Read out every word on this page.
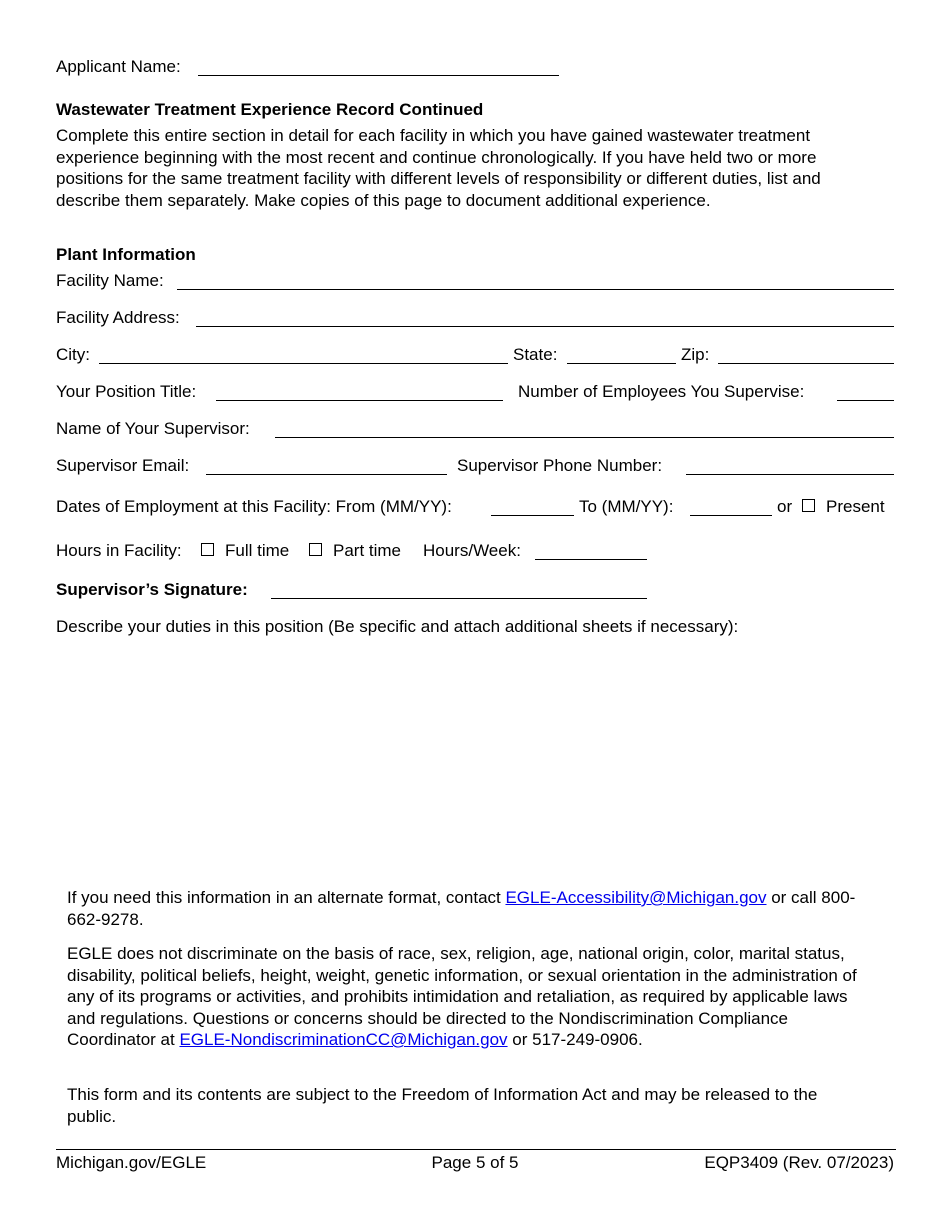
Applicant Name:
Wastewater Treatment Experience Record Continued
Complete this entire section in detail for each facility in which you have gained wastewater treatment experience beginning with the most recent and continue chronologically. If you have held two or more positions for the same treatment facility with different levels of responsibility or different duties, list and describe them separately. Make copies of this page to document additional experience.
Plant Information
Facility Name:
Facility Address:
City:	State:	Zip:
Your Position Title:	Number of Employees You Supervise:
Name of Your Supervisor:
Supervisor Email:	Supervisor Phone Number:
Dates of Employment at this Facility: From (MM/YY):	To (MM/YY):	or Present
Hours in Facility:	Full time	Part time Hours/Week:
Supervisor’s Signature:
Describe your duties in this position (Be specific and attach additional sheets if necessary):
If you need this information in an alternate format, contact EGLE-Accessibility@Michigan.gov or call 800-662-9278.
EGLE does not discriminate on the basis of race, sex, religion, age, national origin, color, marital status, disability, political beliefs, height, weight, genetic information, or sexual orientation in the administration of any of its programs or activities, and prohibits intimidation and retaliation, as required by applicable laws and regulations. Questions or concerns should be directed to the Nondiscrimination Compliance Coordinator at EGLE-NondiscriminationCC@Michigan.gov or 517-249-0906.
This form and its contents are subject to the Freedom of Information Act and may be released to the public.
Michigan.gov/EGLE	Page 5 of 5	EQP3409 (Rev. 07/2023)
